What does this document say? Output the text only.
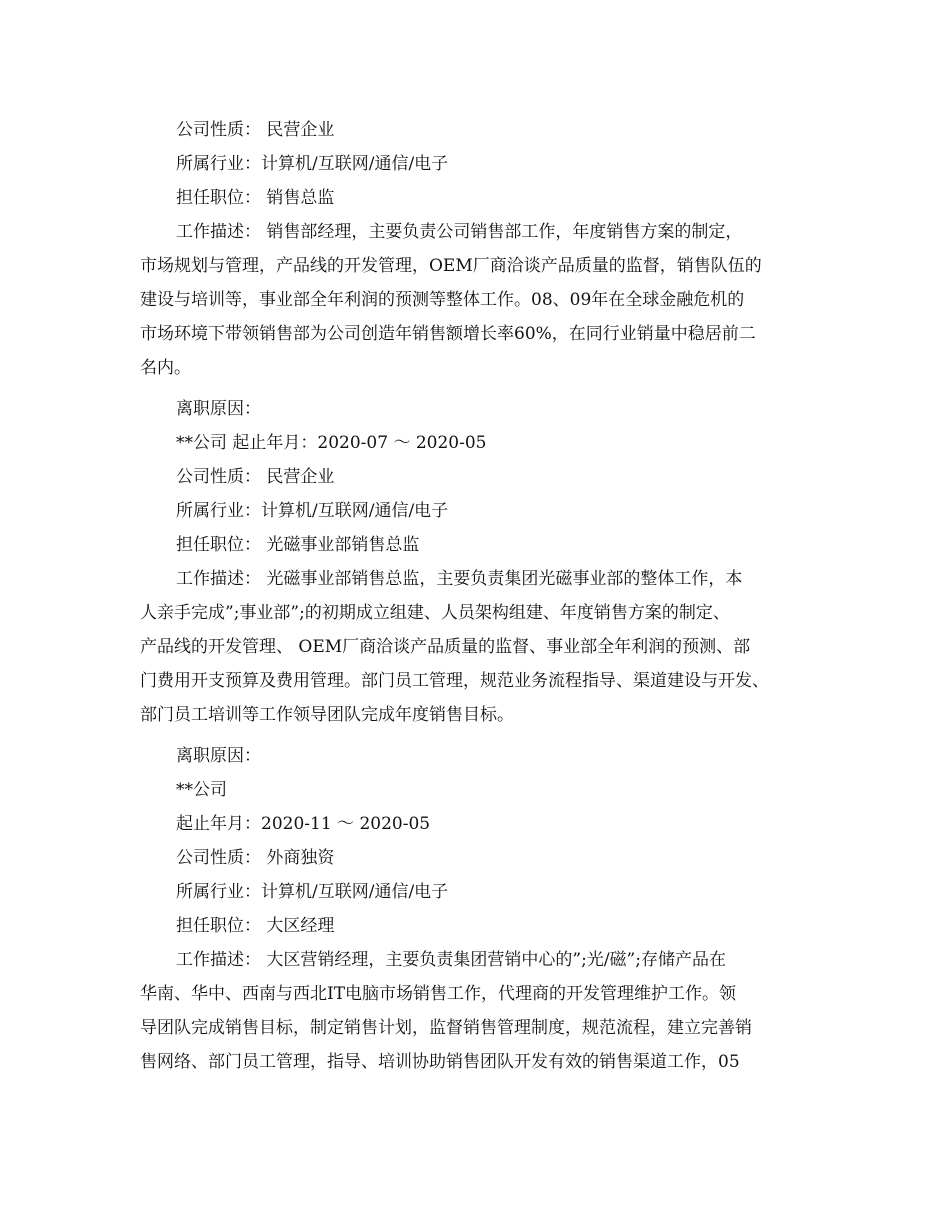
公司性质： 民营企业
所属行业：计算机/互联网/通信/电子
担任职位： 销售总监
工作描述： 销售部经理，主要负责公司销售部工作，年度销售方案的制定，
市场规划与管理，产品线的开发管理，OEM厂商洽谈产品质量的监督，销售队伍的
建设与培训等，事业部全年利润的预测等整体工作。08、09年在全球金融危机的
市场环境下带领销售部为公司创造年销售额增长率60%，在同行业销量中稳居前二
名内。
离职原因：
**公司 起止年月：2020-07 ～ 2020-05
公司性质： 民营企业
所属行业：计算机/互联网/通信/电子
担任职位： 光磁事业部销售总监
工作描述： 光磁事业部销售总监，主要负责集团光磁事业部的整体工作，本
人亲手完成”;事业部”;的初期成立组建、人员架构组建、年度销售方案的制定、
产品线的开发管理、 OEM厂商洽谈产品质量的监督、事业部全年利润的预测、部
门费用开支预算及费用管理。部门员工管理，规范业务流程指导、渠道建设与开发、
部门员工培训等工作领导团队完成年度销售目标。
离职原因：
**公司
起止年月：2020-11 ～ 2020-05
公司性质： 外商独资
所属行业：计算机/互联网/通信/电子
担任职位： 大区经理
工作描述： 大区营销经理，主要负责集团营销中心的”;光/磁”;存储产品在
华南、华中、西南与西北IT电脑市场销售工作，代理商的开发管理维护工作。领
导团队完成销售目标，制定销售计划，监督销售管理制度，规范流程，建立完善销
售网络、部门员工管理，指导、培训协助销售团队开发有效的销售渠道工作，05
